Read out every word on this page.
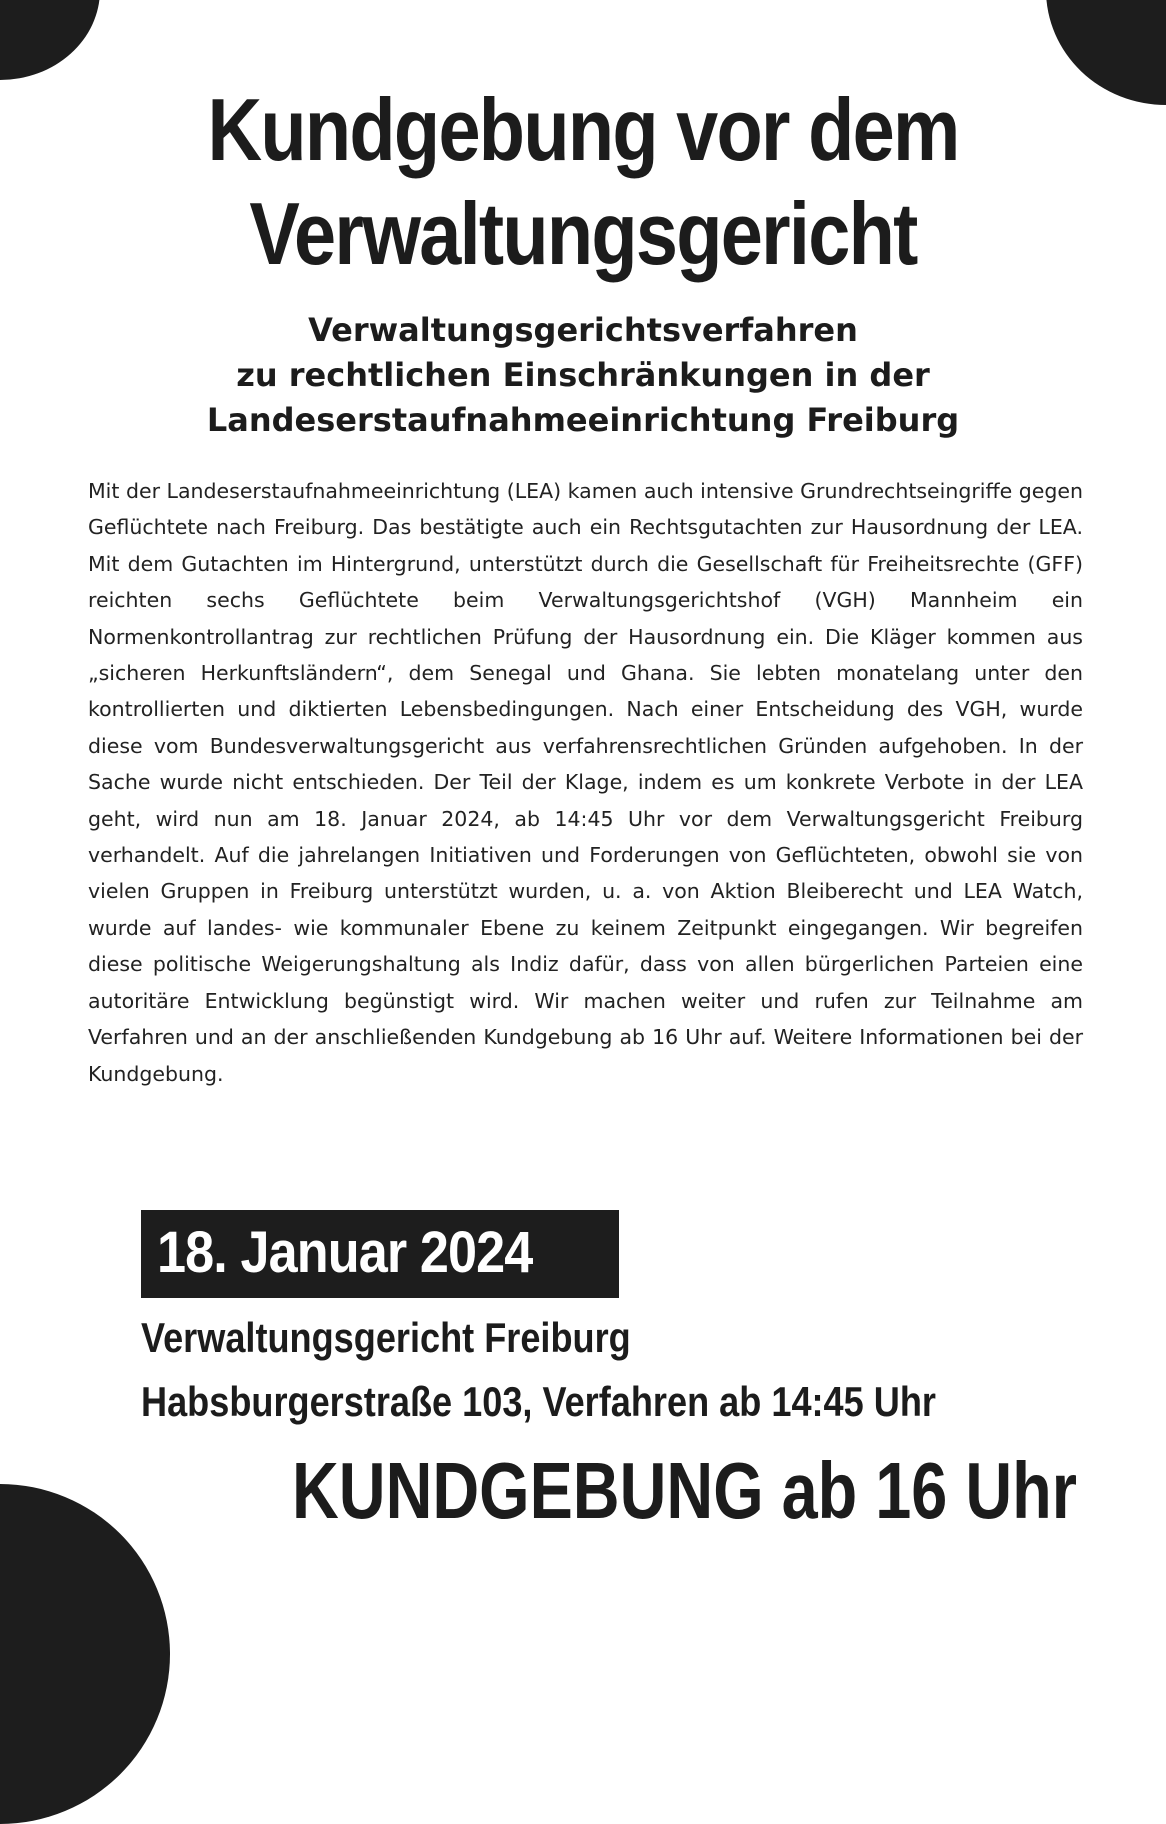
Kundgebung vor dem
Verwaltungsgericht
Verwaltungsgerichtsverfahren
zu rechtlichen Einschränkungen in der
Landeserstaufnahmeeinrichtung Freiburg

Mit der Landeserstaufnahmeeinrichtung (LEA) kamen auch intensive Grundrechtseingriffe gegen Geflüchtete nach Freiburg. Das bestätigte auch ein Rechtsgutachten zur Hausordnung der LEA. Mit dem Gutachten im Hintergrund, unterstützt durch die Gesellschaft für Freiheitsrechte (GFF) reichten sechs Geflüchtete beim Verwaltungsgerichtshof (VGH) Mannheim ein Normenkontrollantrag zur rechtlichen Prüfung der Hausordnung ein. Die Kläger kommen aus „sicheren Herkunftsländern“, dem Senegal und Ghana. Sie lebten monatelang unter den kontrollierten und diktierten Lebensbedingungen. Nach einer Entscheidung des VGH, wurde diese vom Bundesverwaltungsgericht aus verfahrensrechtlichen Gründen aufgehoben. In der Sache wurde nicht entschieden. Der Teil der Klage, indem es um konkrete Verbote in der LEA geht, wird nun am 18. Januar 2024, ab 14:45 Uhr vor dem Verwaltungsgericht Freiburg verhandelt. Auf die jahrelangen Initiativen und Forderungen von Geflüchteten, obwohl sie von vielen Gruppen in Freiburg unterstützt wurden, u. a. von Aktion Bleiberecht und LEA Watch, wurde auf landes- wie kommunaler Ebene zu keinem Zeitpunkt eingegangen. Wir begreifen diese politische Weigerungshaltung als Indiz dafür, dass von allen bürgerlichen Parteien eine autoritäre Entwicklung begünstigt wird. Wir machen weiter und rufen zur Teilnahme am Verfahren und an der anschließenden Kundgebung ab 16 Uhr auf. Weitere Informationen bei der Kundgebung.

18. Januar 2024
Verwaltungsgericht Freiburg
Habsburgerstraße 103, Verfahren ab 14:45 Uhr
KUNDGEBUNG ab 16 Uhr
